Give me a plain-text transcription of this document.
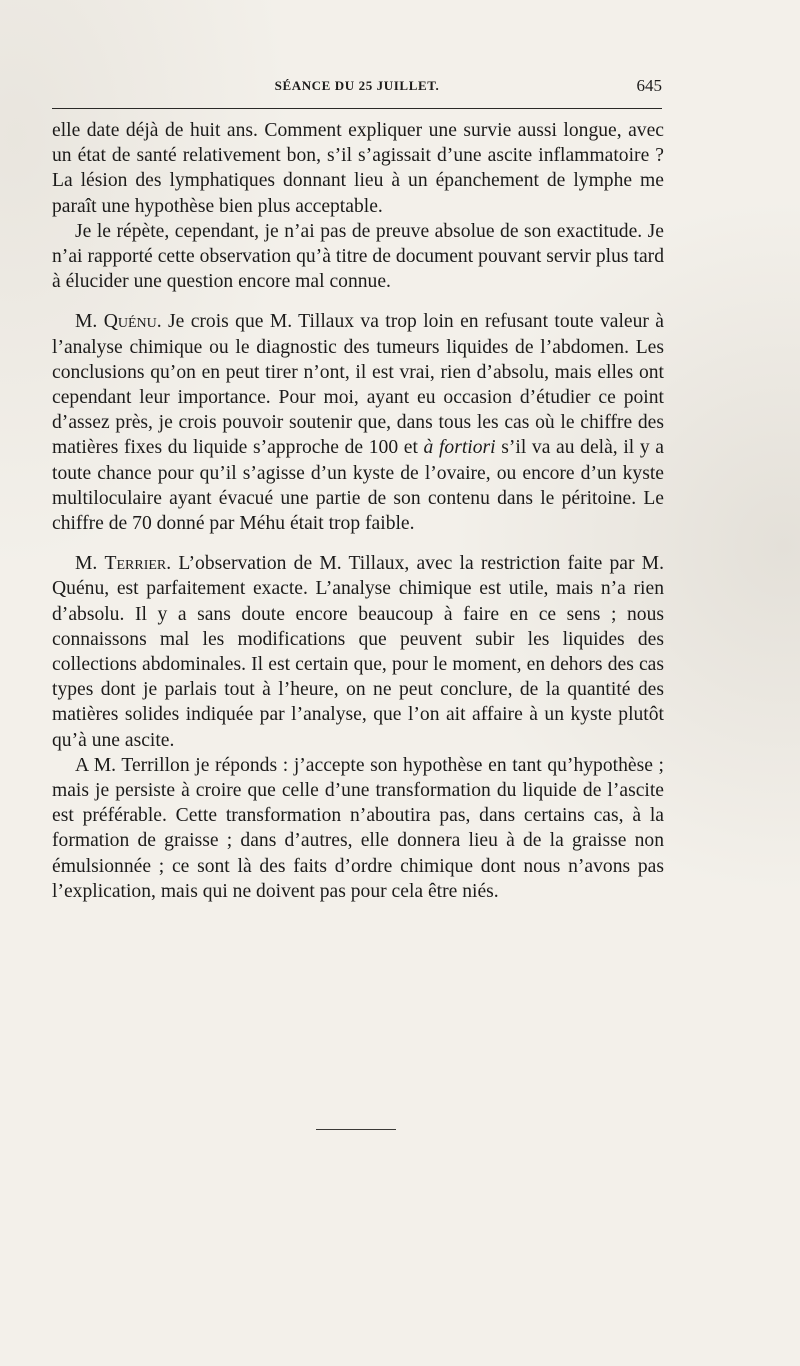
SÉANCE DU 25 JUILLET.	645

elle date déjà de huit ans. Comment expliquer une survie aussi longue, avec un état de santé relativement bon, s’il s’agissait d’une ascite inflammatoire ? La lésion des lymphatiques donnant lieu à un épanchement de lymphe me paraît une hypothèse bien plus acceptable.

Je le répète, cependant, je n’ai pas de preuve absolue de son exactitude. Je n’ai rapporté cette observation qu’à titre de document pouvant servir plus tard à élucider une question encore mal connue.

M. Quénu. Je crois que M. Tillaux va trop loin en refusant toute valeur à l’analyse chimique ou le diagnostic des tumeurs liquides de l’abdomen. Les conclusions qu’on en peut tirer n’ont, il est vrai, rien d’absolu, mais elles ont cependant leur importance. Pour moi, ayant eu occasion d’étudier ce point d’assez près, je crois pouvoir soutenir que, dans tous les cas où le chiffre des matières fixes du liquide s’approche de 100 et à fortiori s’il va au delà, il y a toute chance pour qu’il s’agisse d’un kyste de l’ovaire, ou encore d’un kyste multiloculaire ayant évacué une partie de son contenu dans le péritoine. Le chiffre de 70 donné par Méhu était trop faible.

M. Terrier. L’observation de M. Tillaux, avec la restriction faite par M. Quénu, est parfaitement exacte. L’analyse chimique est utile, mais n’a rien d’absolu. Il y a sans doute encore beaucoup à faire en ce sens ; nous connaissons mal les modifications que peuvent subir les liquides des collections abdominales. Il est certain que, pour le moment, en dehors des cas types dont je parlais tout à l’heure, on ne peut conclure, de la quantité des matières solides indiquée par l’analyse, que l’on ait affaire à un kyste plutôt qu’à une ascite.

A M. Terrillon je réponds : j’accepte son hypothèse en tant qu’hypothèse ; mais je persiste à croire que celle d’une transformation du liquide de l’ascite est préférable. Cette transformation n’aboutira pas, dans certains cas, à la formation de graisse ; dans d’autres, elle donnera lieu à de la graisse non émulsionnée ; ce sont là des faits d’ordre chimique dont nous n’avons pas l’explication, mais qui ne doivent pas pour cela être niés.
